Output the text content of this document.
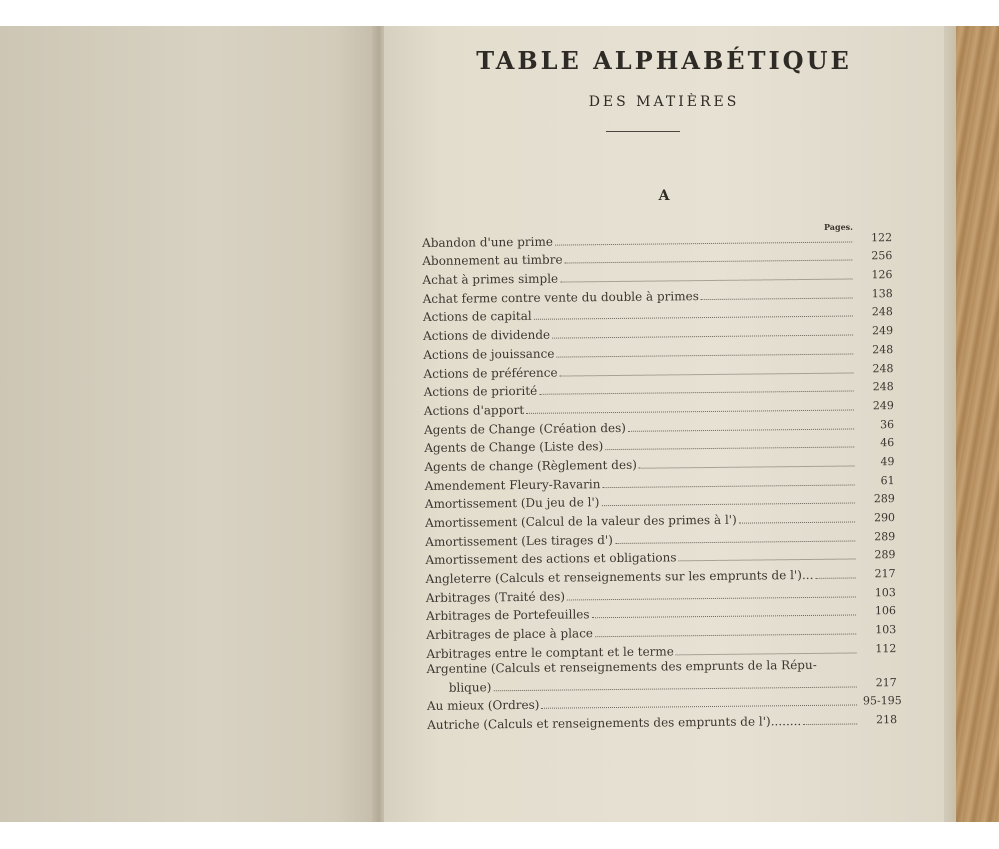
TABLE ALPHABÉTIQUE
DES MATIÈRES
A
Pages.
Abandon d'une prime	122
Abonnement au timbre	256
Achat à primes simple	126
Achat ferme contre vente du double à primes	138
Actions de capital	248
Actions de dividende	249
Actions de jouissance	248
Actions de préférence	248
Actions de priorité	248
Actions d'apport	249
Agents de Change (Création des)	36
Agents de Change (Liste des)	46
Agents de change (Règlement des)	49
Amendement Fleury-Ravarin	61
Amortissement (Du jeu de l')	289
Amortissement (Calcul de la valeur des primes à l')	290
Amortissement (Les tirages d')	289
Amortissement des actions et obligations	289
Angleterre (Calculs et renseignements sur les emprunts de l')...	217
Arbitrages (Traité des)	103
Arbitrages de Portefeuilles	106
Arbitrages de place à place	103
Arbitrages entre le comptant et le terme	112
Argentine (Calculs et renseignements des emprunts de la Répu-
blique)	217
Au mieux (Ordres)	95-195
Autriche (Calculs et renseignements des emprunts de l')........	218
